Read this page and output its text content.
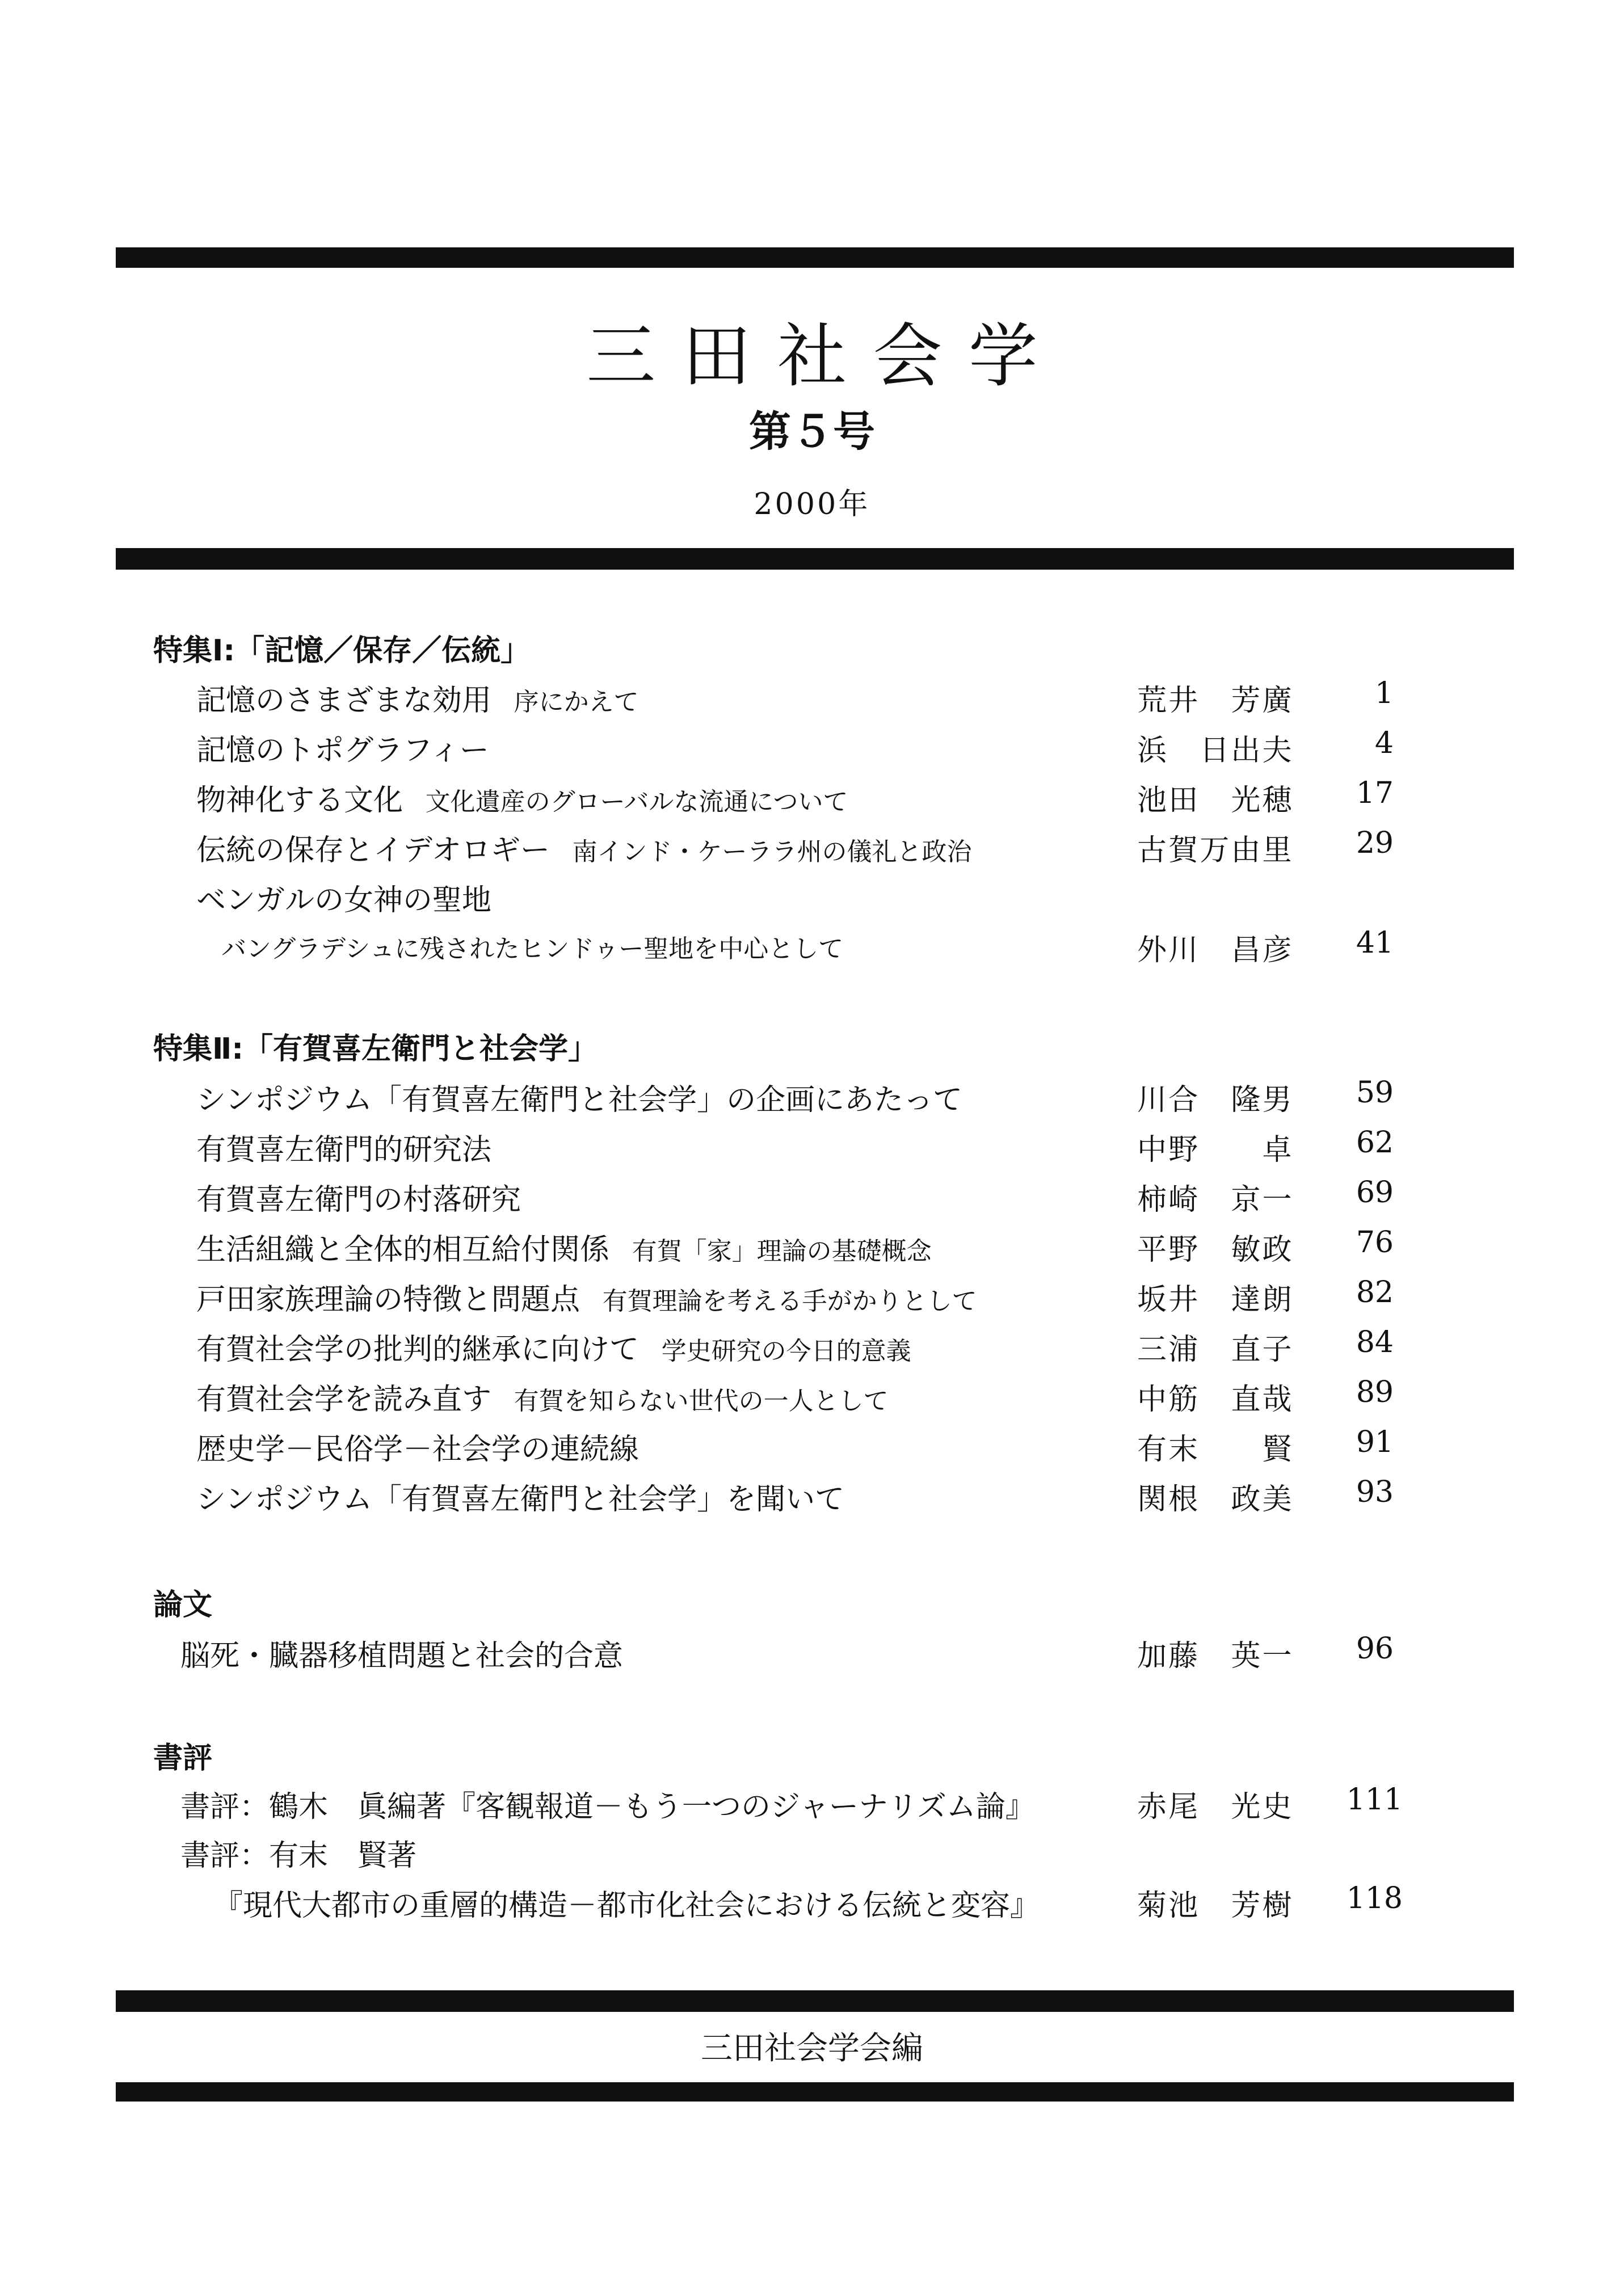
三田社会学
第５号
2000年
特集Ⅰ:「記憶／保存／伝統」
記憶のさまざまな効用 序にかえて	荒井　芳廣	1
記憶のトポグラフィー	浜　日出夫	4
物神化する文化 文化遺産のグローバルな流通について	池田　光穂 17
伝統の保存とイデオロギー 南インド・ケーララ州の儀礼と政治	古賀万由里 29
ベンガルの女神の聖地
バングラデシュに残されたヒンドゥー聖地を中心として	外川　昌彦 41
特集Ⅱ:「有賀喜左衛門と社会学」
シンポジウム「有賀喜左衛門と社会学」の企画にあたって	川合　隆男 59
有賀喜左衛門的研究法	中野　　卓 62
有賀喜左衛門の村落研究	柿崎　京一 69
生活組織と全体的相互給付関係 有賀「家」理論の基礎概念	平野　敏政 76
戸田家族理論の特徴と問題点 有賀理論を考える手がかりとして	坂井　達朗 82
有賀社会学の批判的継承に向けて 学史研究の今日的意義	三浦　直子 84
有賀社会学を読み直す 有賀を知らない世代の一人として	中筋　直哉 89
歴史学－民俗学－社会学の連続線	有末　　賢 91
シンポジウム「有賀喜左衛門と社会学」を聞いて	関根　政美 93
論文
脳死・臓器移植問題と社会的合意	加藤　英一 96
書評
書評：鶴木　眞編著『客観報道－もう一つのジャーナリズム論』	赤尾　光史 111
書評：有末　賢著
『現代大都市の重層的構造－都市化社会における伝統と変容』	菊池　芳樹 118
三田社会学会編
